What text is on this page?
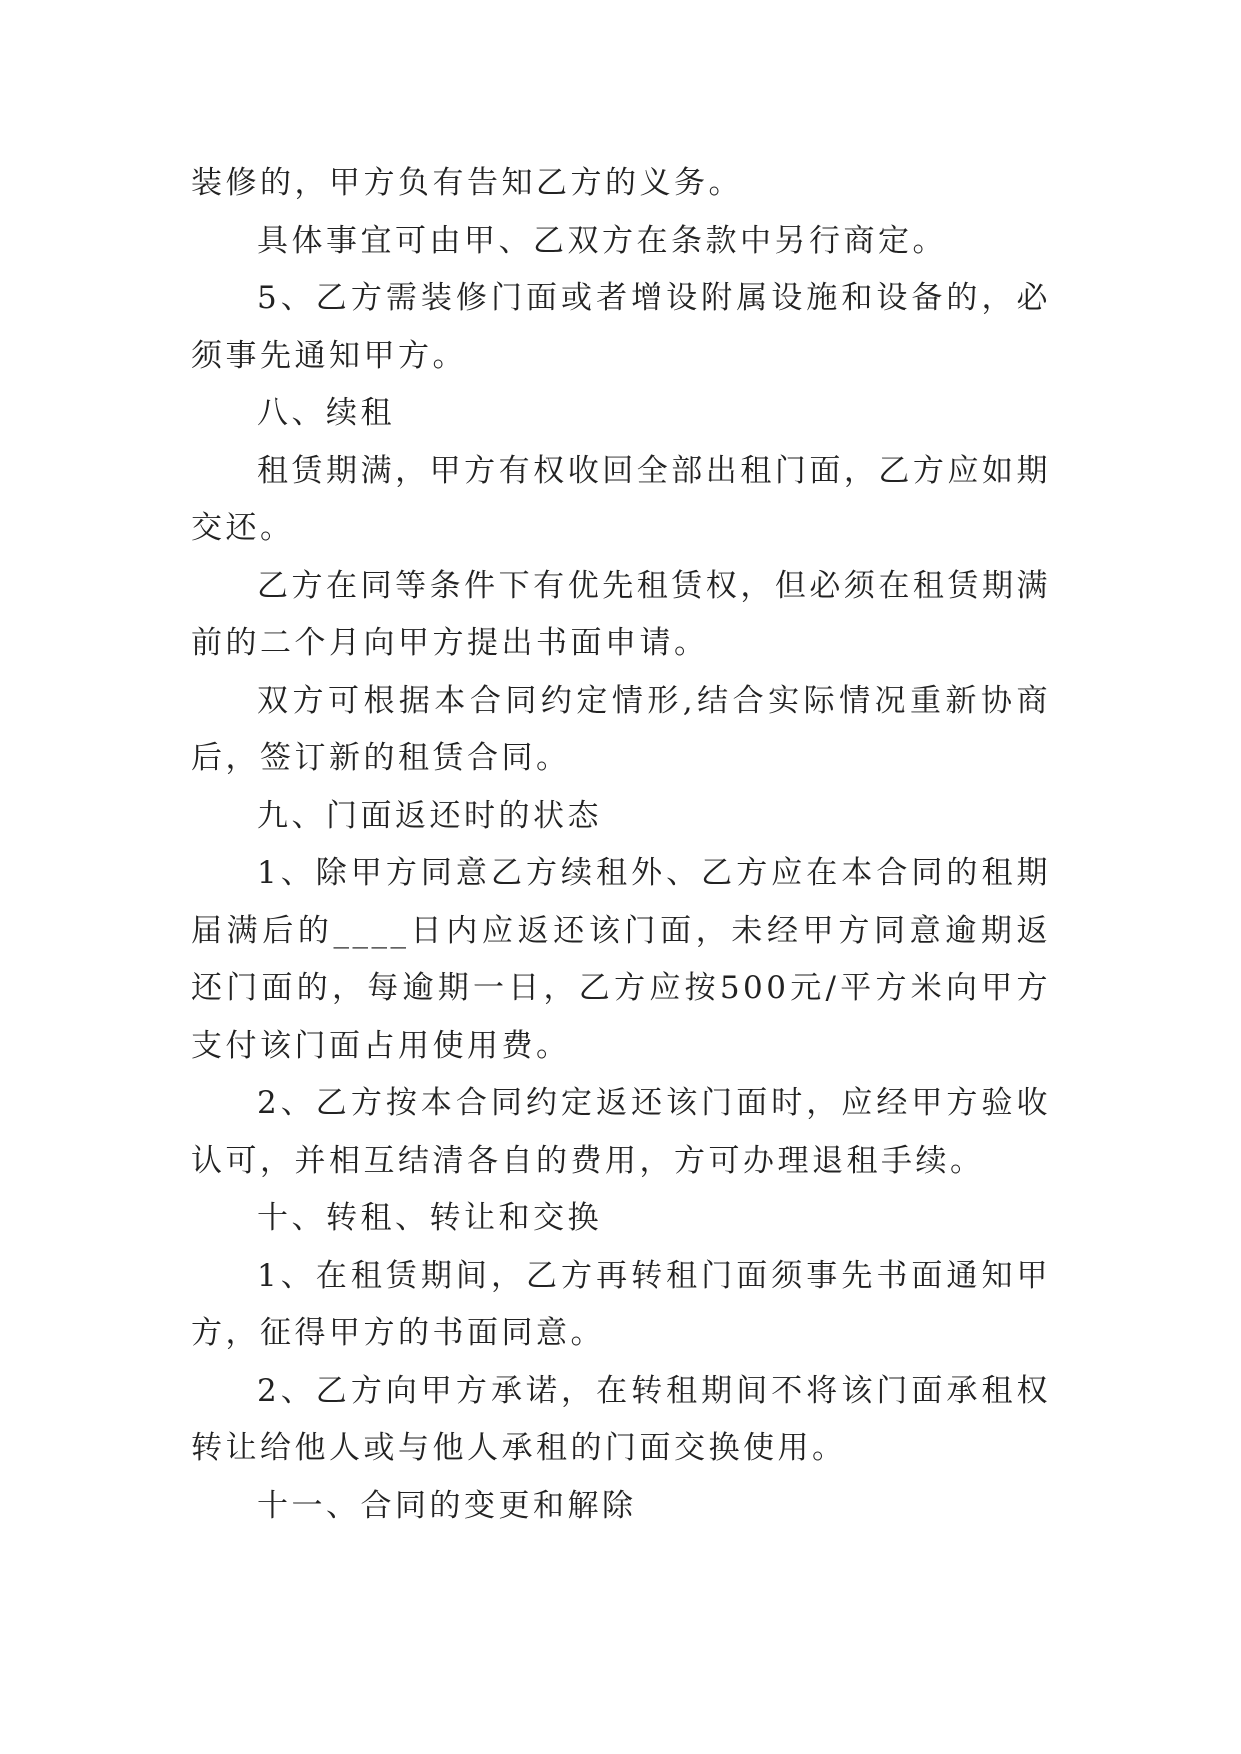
装修的，甲方负有告知乙方的义务。

具体事宜可由甲、乙双方在条款中另行商定。

5、乙方需装修门面或者增设附属设施和设备的，必须事先通知甲方。

八、续租

租赁期满，甲方有权收回全部出租门面，乙方应如期交还。

乙方在同等条件下有优先租赁权，但必须在租赁期满前的二个月向甲方提出书面申请。

双方可根据本合同约定情形,结合实际情况重新协商后，签订新的租赁合同。

九、门面返还时的状态

1、除甲方同意乙方续租外、乙方应在本合同的租期届满后的____日内应返还该门面，未经甲方同意逾期返还门面的，每逾期一日，乙方应按500元/平方米向甲方支付该门面占用使用费。

2、乙方按本合同约定返还该门面时，应经甲方验收认可，并相互结清各自的费用，方可办理退租手续。

十、转租、转让和交换

1、在租赁期间，乙方再转租门面须事先书面通知甲方，征得甲方的书面同意。

2、乙方向甲方承诺，在转租期间不将该门面承租权转让给他人或与他人承租的门面交换使用。

十一、合同的变更和解除
